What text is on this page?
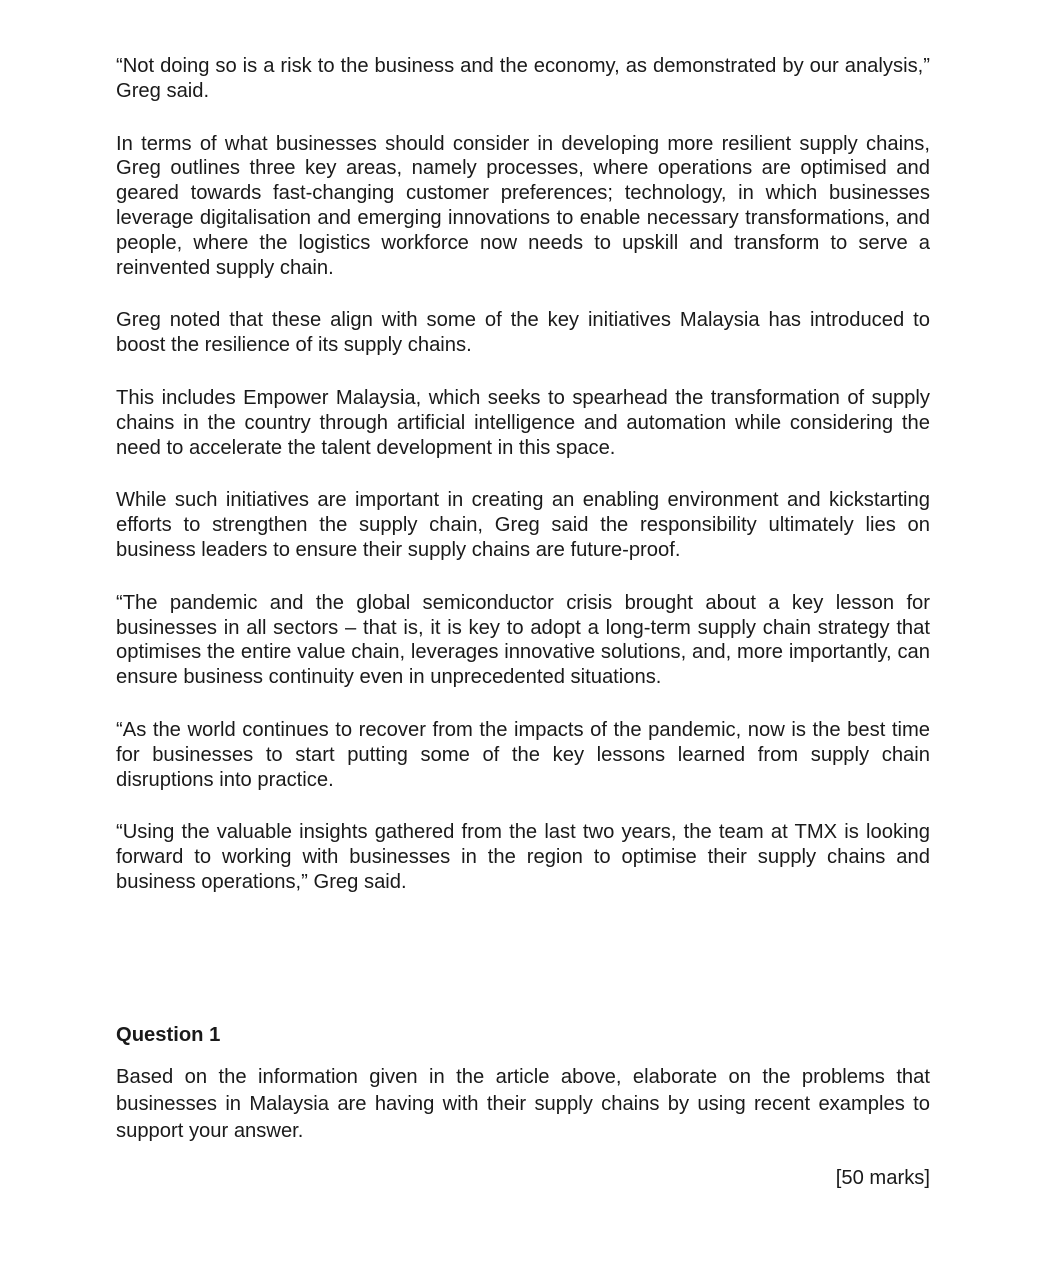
“Not doing so is a risk to the business and the economy, as demonstrated by our analysis,” Greg said.

In terms of what businesses should consider in developing more resilient supply chains, Greg outlines three key areas, namely processes, where operations are optimised and geared towards fast-changing customer preferences; technology, in which businesses leverage digitalisation and emerging innovations to enable necessary transformations, and people, where the logistics workforce now needs to upskill and transform to serve a reinvented supply chain.

Greg noted that these align with some of the key initiatives Malaysia has introduced to boost the resilience of its supply chains.

This includes Empower Malaysia, which seeks to spearhead the transformation of supply chains in the country through artificial intelligence and automation while considering the need to accelerate the talent development in this space.

While such initiatives are important in creating an enabling environment and kickstarting efforts to strengthen the supply chain, Greg said the responsibility ultimately lies on business leaders to ensure their supply chains are future-proof.

“The pandemic and the global semiconductor crisis brought about a key lesson for businesses in all sectors – that is, it is key to adopt a long-term supply chain strategy that optimises the entire value chain, leverages innovative solutions, and, more importantly, can ensure business continuity even in unprecedented situations.

“As the world continues to recover from the impacts of the pandemic, now is the best time for businesses to start putting some of the key lessons learned from supply chain disruptions into practice.

“Using the valuable insights gathered from the last two years, the team at TMX is looking forward to working with businesses in the region to optimise their supply chains and business operations,” Greg said.

Question 1

Based on the information given in the article above, elaborate on the problems that businesses in Malaysia are having with their supply chains by using recent examples to support your answer.

[50 marks]
